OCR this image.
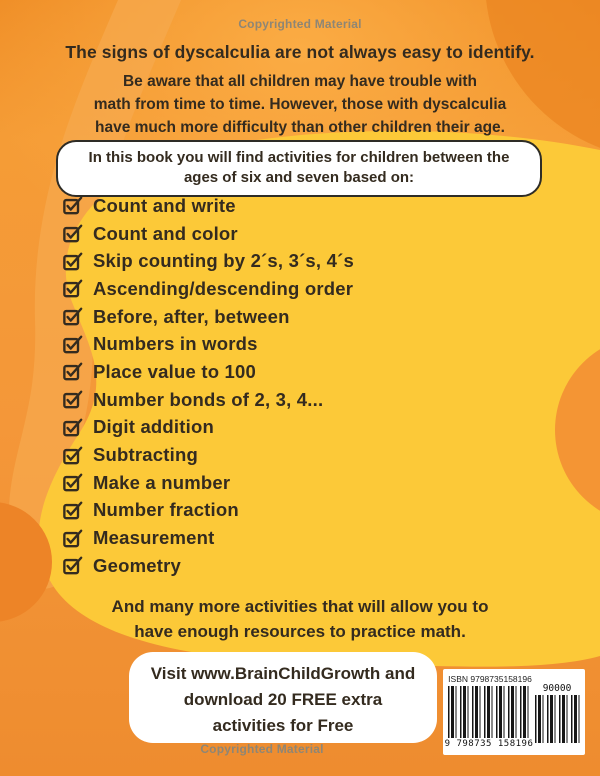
Copyrighted Material
The signs of dyscalculia are not always easy to identify.
Be aware that all children may have trouble with
math from time to time. However, those with dyscalculia
have much more difficulty than other children their age.
In this book you will find activities for children between the
ages of six and seven based on:
Count and write
Count and color
Skip counting by 2´s, 3´s, 4´s
Ascending/descending order
Before, after, between
Numbers in words
Place value to 100
Number bonds of 2, 3, 4...
Digit addition
Subtracting
Make a number
Number fraction
Measurement
Geometry
And many more activities that will allow you to
have enough resources to practice math.
Visit www.BrainChildGrowth and
download 20 FREE extra
activities for Free
ISBN 9798735158196
9 798735 158196
90000
Copyrighted Material
